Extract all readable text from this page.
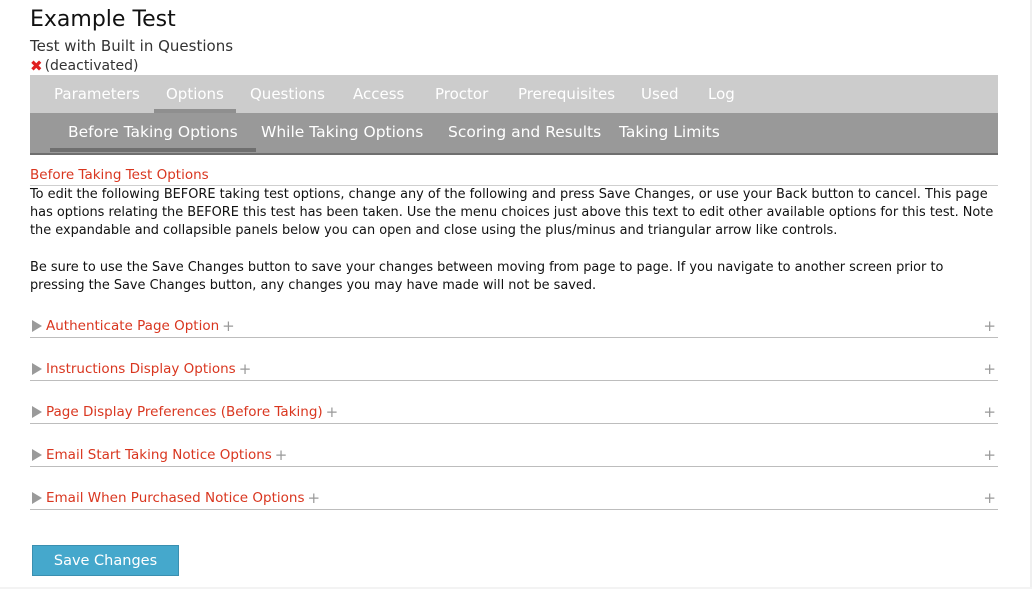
Example Test
Test with Built in Questions
✖ (deactivated)
Parameters Options Questions Access Proctor Prerequisites Used Log
Before Taking Options While Taking Options Scoring and Results Taking Limits
Before Taking Test Options

To edit the following BEFORE taking test options, change any of the following and press Save Changes, or use your Back button to cancel. This page has options relating the BEFORE this test has been taken. Use the menu choices just above this text to edit other available options for this test. Note the expandable and collapsible panels below you can open and close using the plus/minus and triangular arrow like controls.

Be sure to use the Save Changes button to save your changes between moving from page to page. If you navigate to another screen prior to pressing the Save Changes button, any changes you may have made will not be saved.

Authenticate Page Option +	+
Instructions Display Options +	+
Page Display Preferences (Before Taking) +	+
Email Start Taking Notice Options +	+
Email When Purchased Notice Options +	+
Save Changes
